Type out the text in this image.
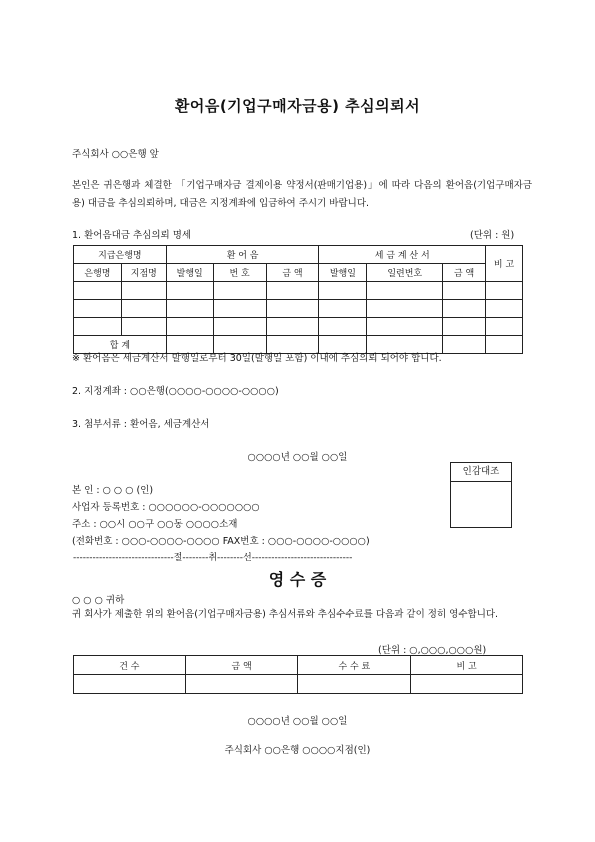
환어음(기업구매자금용) 추심의뢰서
주식회사 ○○은행 앞
본인은 귀은행과 체결한 「기업구매자금 결제이용 약정서(판매기업용)」에 따라 다음의 환어음(기업구매자금용) 대금을 추심의뢰하며, 대금은 지정계좌에 입금하여 주시기 바랍니다.
1. 환어음대금 추심의뢰 명세	(단위 : 원)
지급은행명		환 어 음			세 금 계 산 서			비 고
은행명	지점명	발행일	번 호	금 액	발행일	일련번호	금 액	

합 계								
※ 환어음은 세금계산서 발행일로부터 30일(발행일 포함) 이내에 추심의뢰 되어야 합니다.
2. 지정계좌 : ○○은행(○○○○-○○○○-○○○○)
3. 첨부서류 : 환어음, 세금계산서
○○○○년 ○○월 ○○일
본 인 : ○ ○ ○ (인)
사업자 등록번호 : ○○○○○○-○○○○○○○
주소 : ○○시 ○○구 ○○동 ○○○○소재
(전화번호 : ○○○-○○○○-○○○○ FAX번호 : ○○○-○○○○-○○○○)
인감대조
-------------------------------절--------취--------선-------------------------------
영 수 증
○ ○ ○ 귀하
귀 회사가 제출한 위의 환어음(기업구매자금용) 추심서류와 추심수수료를 다음과 같이 정히 영수합니다.
(단위 : ○,○○○,○○○원)
건 수	금 액	수 수 료	비 고

○○○○년 ○○월 ○○일
주식회사 ○○은행 ○○○○지점(인)
